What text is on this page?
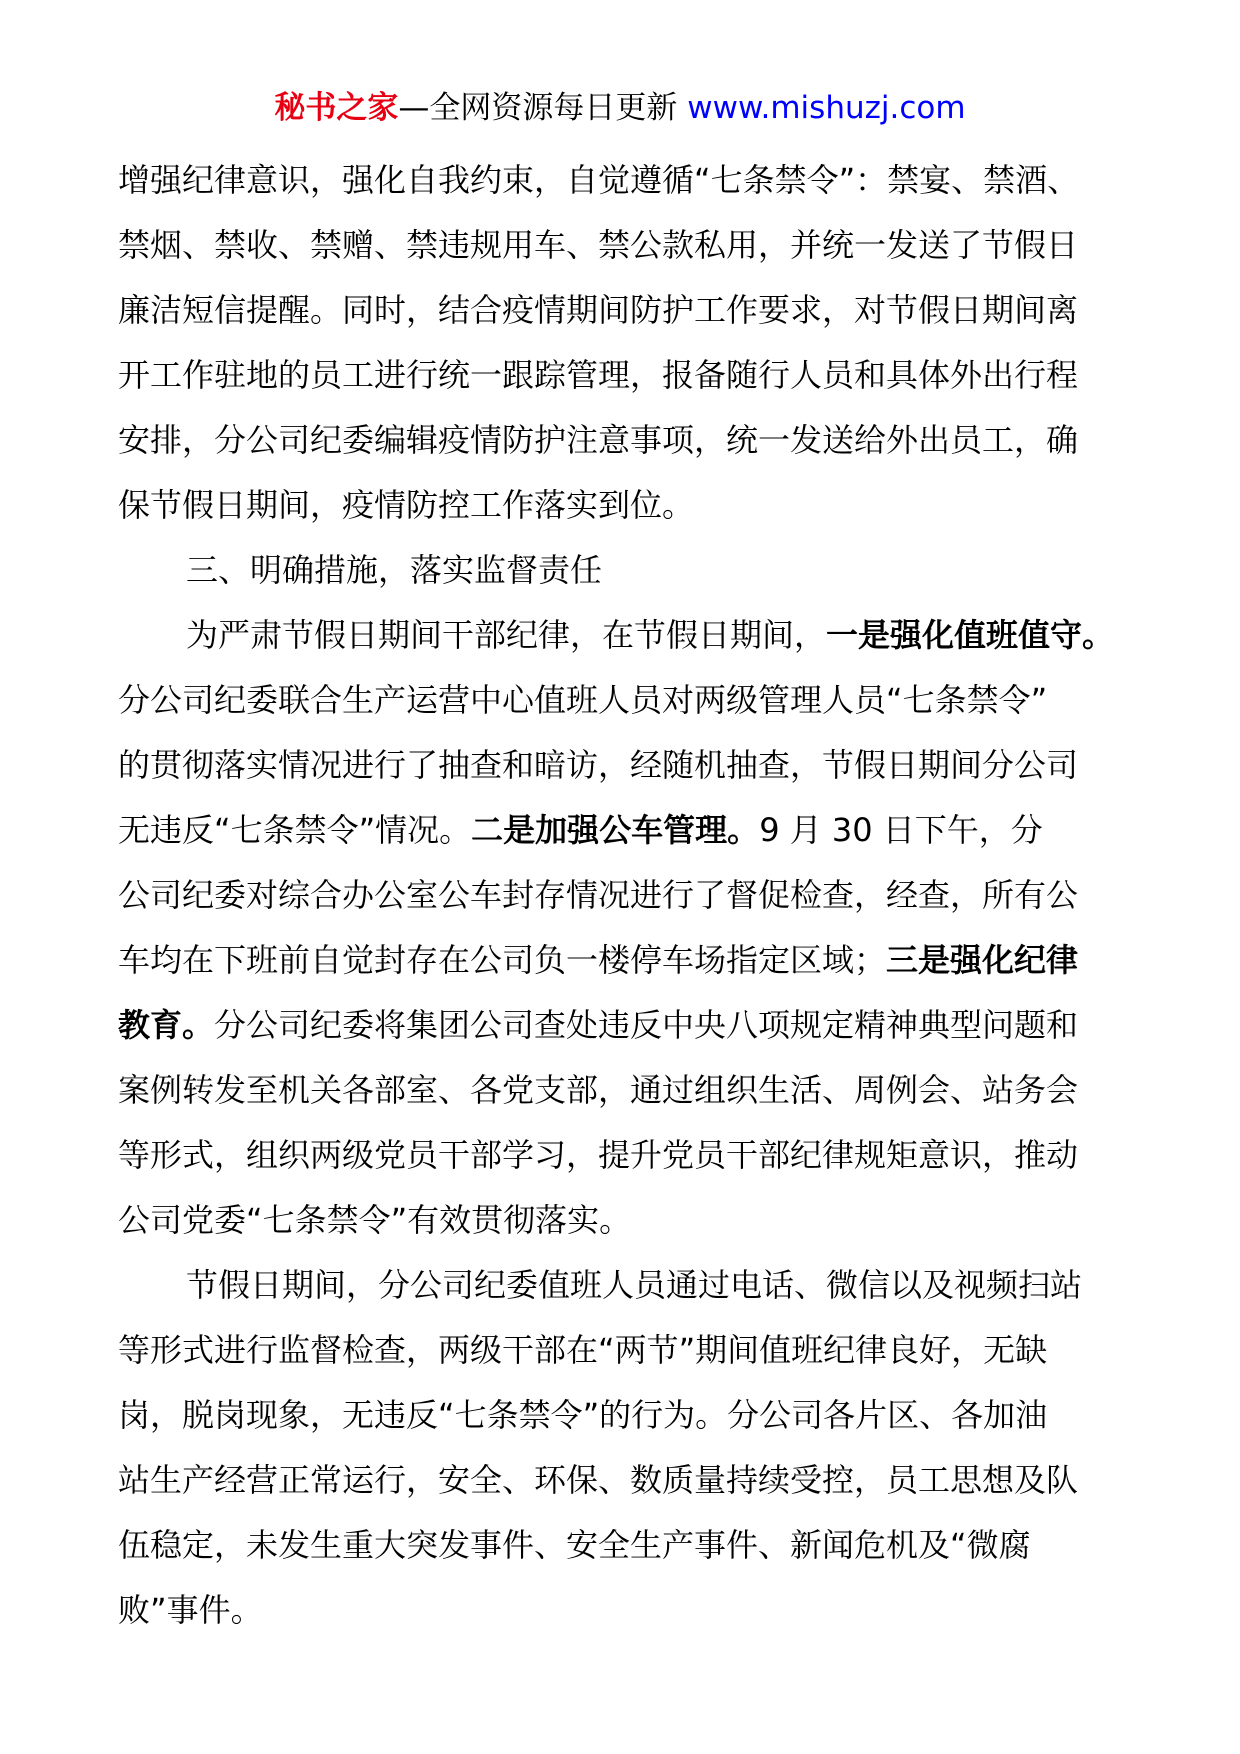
秘书之家—全网资源每日更新 www.mishuzj.com
增强纪律意识，强化自我约束，自觉遵循“七条禁令”：禁宴、禁酒、
禁烟、禁收、禁赠、禁违规用车、禁公款私用，并统一发送了节假日
廉洁短信提醒。同时，结合疫情期间防护工作要求，对节假日期间离
开工作驻地的员工进行统一跟踪管理，报备随行人员和具体外出行程
安排，分公司纪委编辑疫情防护注意事项，统一发送给外出员工，确
保节假日期间，疫情防控工作落实到位。
三、明确措施，落实监督责任
为严肃节假日期间干部纪律，在节假日期间，一是强化值班值守。
分公司纪委联合生产运营中心值班人员对两级管理人员“七条禁令”
的贯彻落实情况进行了抽查和暗访，经随机抽查，节假日期间分公司
无违反“七条禁令”情况。二是加强公车管理。9 月 30 日下午，分
公司纪委对综合办公室公车封存情况进行了督促检查，经查，所有公
车均在下班前自觉封存在公司负一楼停车场指定区域；三是强化纪律
教育。分公司纪委将集团公司查处违反中央八项规定精神典型问题和
案例转发至机关各部室、各党支部，通过组织生活、周例会、站务会
等形式，组织两级党员干部学习，提升党员干部纪律规矩意识，推动
公司党委“七条禁令”有效贯彻落实。
节假日期间，分公司纪委值班人员通过电话、微信以及视频扫站
等形式进行监督检查，两级干部在“两节”期间值班纪律良好，无缺
岗，脱岗现象，无违反“七条禁令”的行为。分公司各片区、各加油
站生产经营正常运行，安全、环保、数质量持续受控，员工思想及队
伍稳定，未发生重大突发事件、安全生产事件、新闻危机及“微腐
败”事件。
